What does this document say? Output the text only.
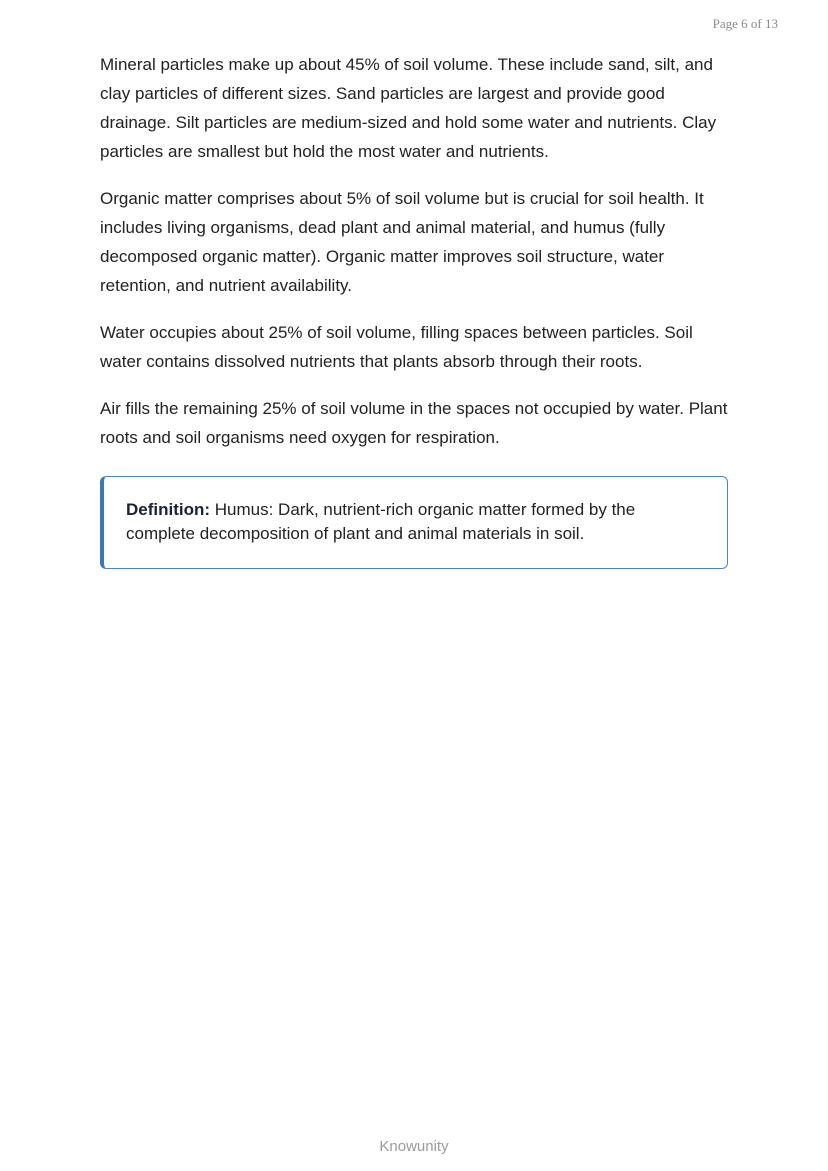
Page 6 of 13

Mineral particles make up about 45% of soil volume. These include sand, silt, and clay particles of different sizes. Sand particles are largest and provide good drainage. Silt particles are medium-sized and hold some water and nutrients. Clay particles are smallest but hold the most water and nutrients.

Organic matter comprises about 5% of soil volume but is crucial for soil health. It includes living organisms, dead plant and animal material, and humus (fully decomposed organic matter). Organic matter improves soil structure, water retention, and nutrient availability.

Water occupies about 25% of soil volume, filling spaces between particles. Soil water contains dissolved nutrients that plants absorb through their roots.

Air fills the remaining 25% of soil volume in the spaces not occupied by water. Plant roots and soil organisms need oxygen for respiration.

Definition: Humus: Dark, nutrient-rich organic matter formed by the complete decomposition of plant and animal materials in soil.
Knowunity
